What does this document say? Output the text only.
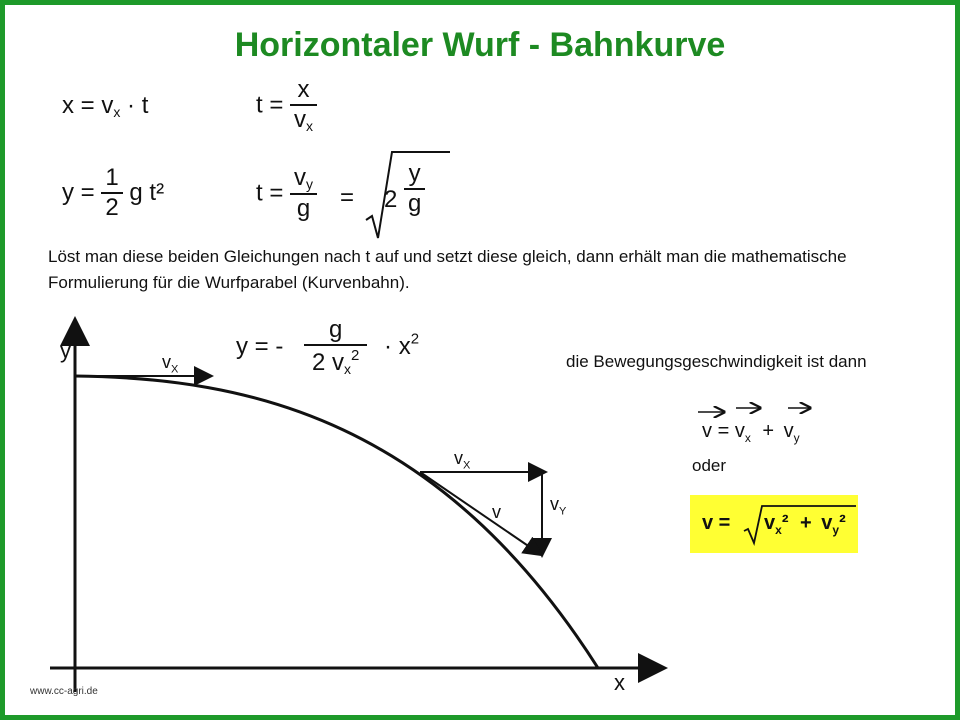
Horizontaler Wurf - Bahnkurve
$x = v_x \cdot t$	$t = \frac{x}{v_x}$
$y = \frac{1}{2}$ g t²	$t = \frac{v_y}{g} = 2 \frac{y}{g}$
Löst man diese beiden Gleichungen nach t auf und setzt diese gleich, dann erhält man die mathematische Formulierung für die Wurfparabel (Kurvenbahn).
y = - $\frac{g}{2 v_x^2} \cdot x^2$
y
x
$v_X$
$v_X$
$v_Y$
v
die Bewegungsgeschwindigkeit ist dann
$v = v_x + v_y$
oder
$v = v_x^2 + v_y^2$
www.cc-agri.de
